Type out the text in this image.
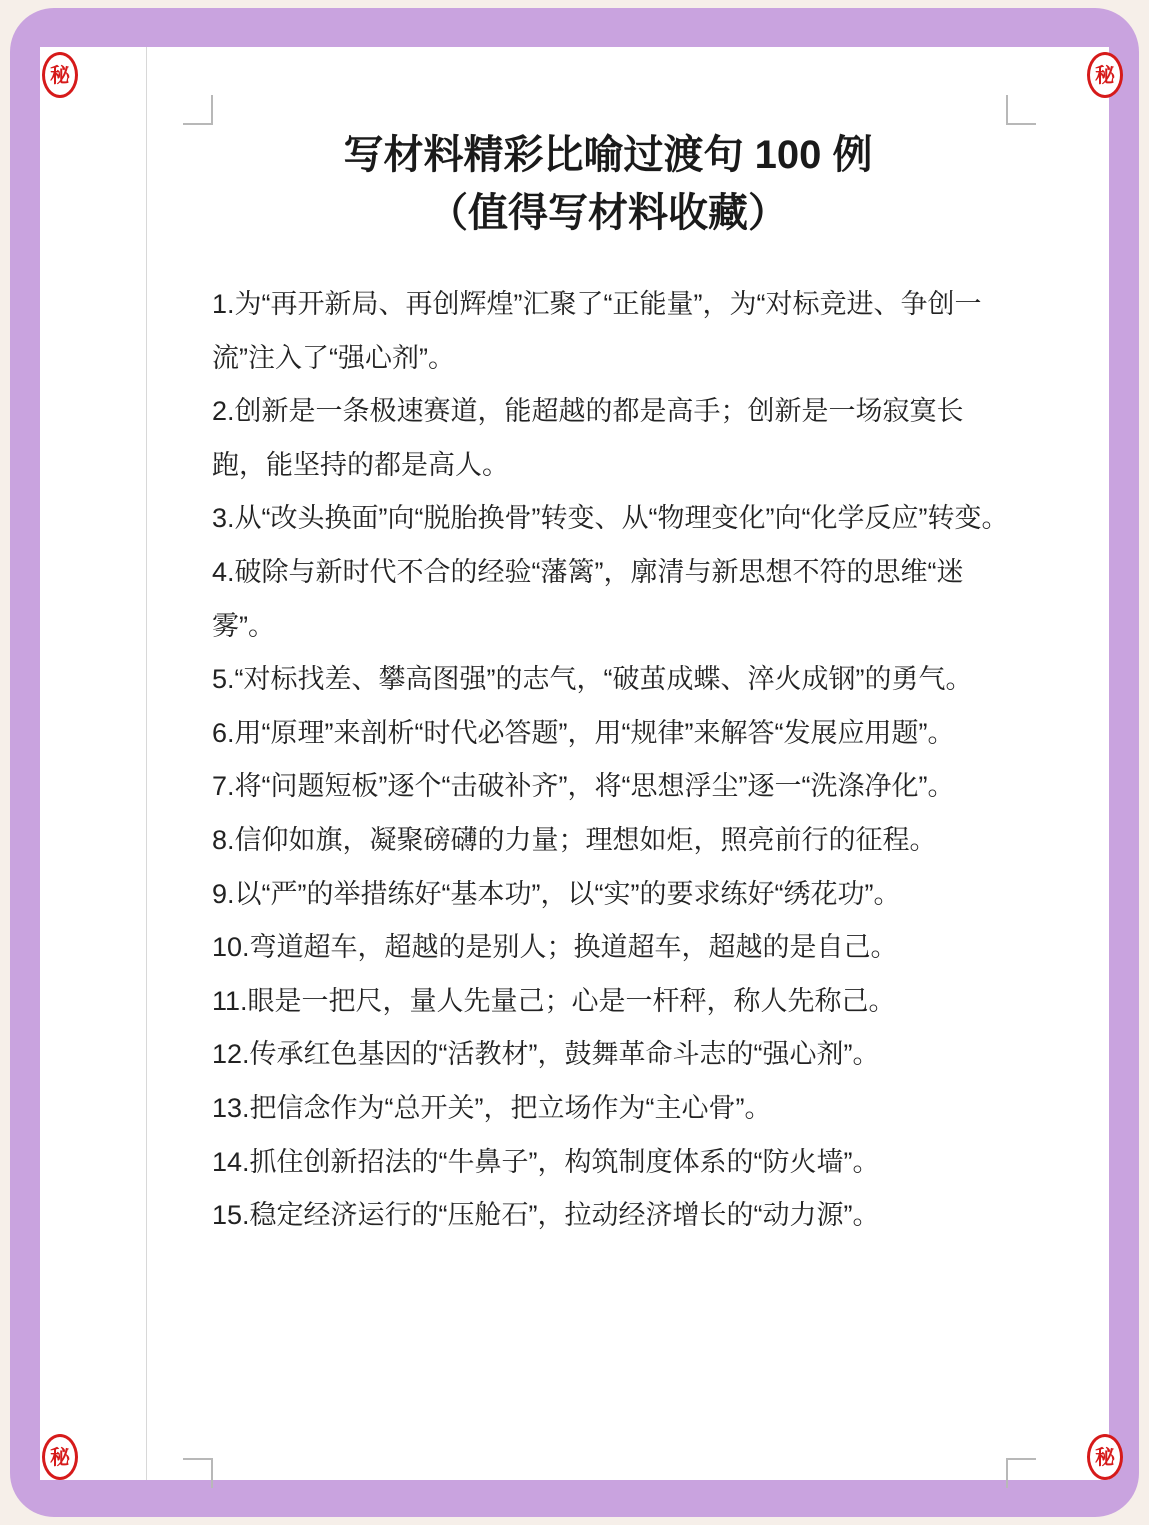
秘	秘
秘	秘
写材料精彩比喻过渡句 100 例
（值得写材料收藏）

1.为“再开新局、再创辉煌”汇聚了“正能量”，为“对标竞进、争创一流”注入了“强心剂”。

2.创新是一条极速赛道，能超越的都是高手；创新是一场寂寞长跑，能坚持的都是高人。

3.从“改头换面”向“脱胎换骨”转变、从“物理变化”向“化学反应”转变。

4.破除与新时代不合的经验“藩篱”，廓清与新思想不符的思维“迷雾”。

5.“对标找差、攀高图强”的志气，“破茧成蝶、淬火成钢”的勇气。

6.用“原理”来剖析“时代必答题”，用“规律”来解答“发展应用题”。

7.将“问题短板”逐个“击破补齐”，将“思想浮尘”逐一“洗涤净化”。

8.信仰如旗，凝聚磅礴的力量；理想如炬，照亮前行的征程。

9.以“严”的举措练好“基本功”，以“实”的要求练好“绣花功”。

10.弯道超车，超越的是别人；换道超车，超越的是自己。

11.眼是一把尺，量人先量己；心是一杆秤，称人先称己。

12.传承红色基因的“活教材”，鼓舞革命斗志的“强心剂”。

13.把信念作为“总开关”，把立场作为“主心骨”。

14.抓住创新招法的“牛鼻子”，构筑制度体系的“防火墙”。

15.稳定经济运行的“压舱石”，拉动经济增长的“动力源”。
